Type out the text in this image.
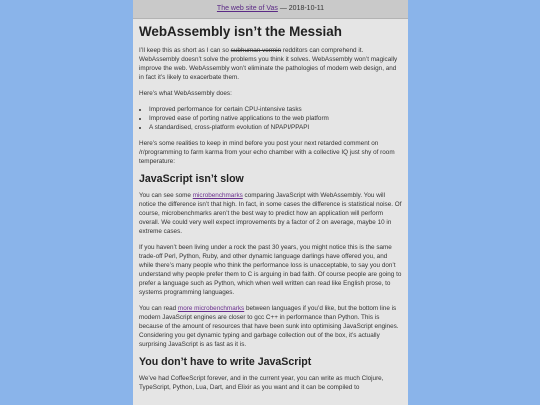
The web site of Vas — 2018-10-11
WebAssembly isn’t the Messiah

I’ll keep this as short as I can so subhuman vermin redditors can comprehend it. WebAssembly doesn’t solve the problems you think it solves. WebAssembly won’t magically improve the web. WebAssembly won’t eliminate the pathologies of modern web design, and in fact it’s likely to exacerbate them.

Here’s what WebAssembly does:

• Improved performance for certain CPU-intensive tasks
• Improved ease of porting native applications to the web platform
• A standardised, cross-platform evolution of NPAPI/PPAPI

Here’s some realities to keep in mind before you post your next retarded comment on /r/programming to farm karma from your echo chamber with a collective IQ just shy of room temperature:

JavaScript isn’t slow

You can see some microbenchmarks comparing JavaScript with WebAssembly. You will notice the difference isn’t that high. In fact, in some cases the difference is statistical noise. Of course, microbenchmarks aren’t the best way to predict how an application will perform overall. We could very well expect improvements by a factor of 2 on average, maybe 10 in extreme cases.

If you haven’t been living under a rock the past 30 years, you might notice this is the same trade-off Perl, Python, Ruby, and other dynamic language darlings have offered you, and while there’s many people who think the performance loss is unacceptable, to say you don’t understand why people prefer them to C is arguing in bad faith. Of course people are going to prefer a language such as Python, which when well written can read like English prose, to systems programming languages.

You can read more microbenchmarks between languages if you’d like, but the bottom line is modern JavaScript engines are closer to gcc C++ in performance than Python. This is because of the amount of resources that have been sunk into optimising JavaScript engines. Considering you get dynamic typing and garbage collection out of the box, it’s actually surprising JavaScript is as fast as it is.

You don’t have to write JavaScript

We’ve had CoffeeScript forever, and in the current year, you can write as much Clojure, TypeScript, Python, Lua, Dart, and Elixir as you want and it can be compiled to
